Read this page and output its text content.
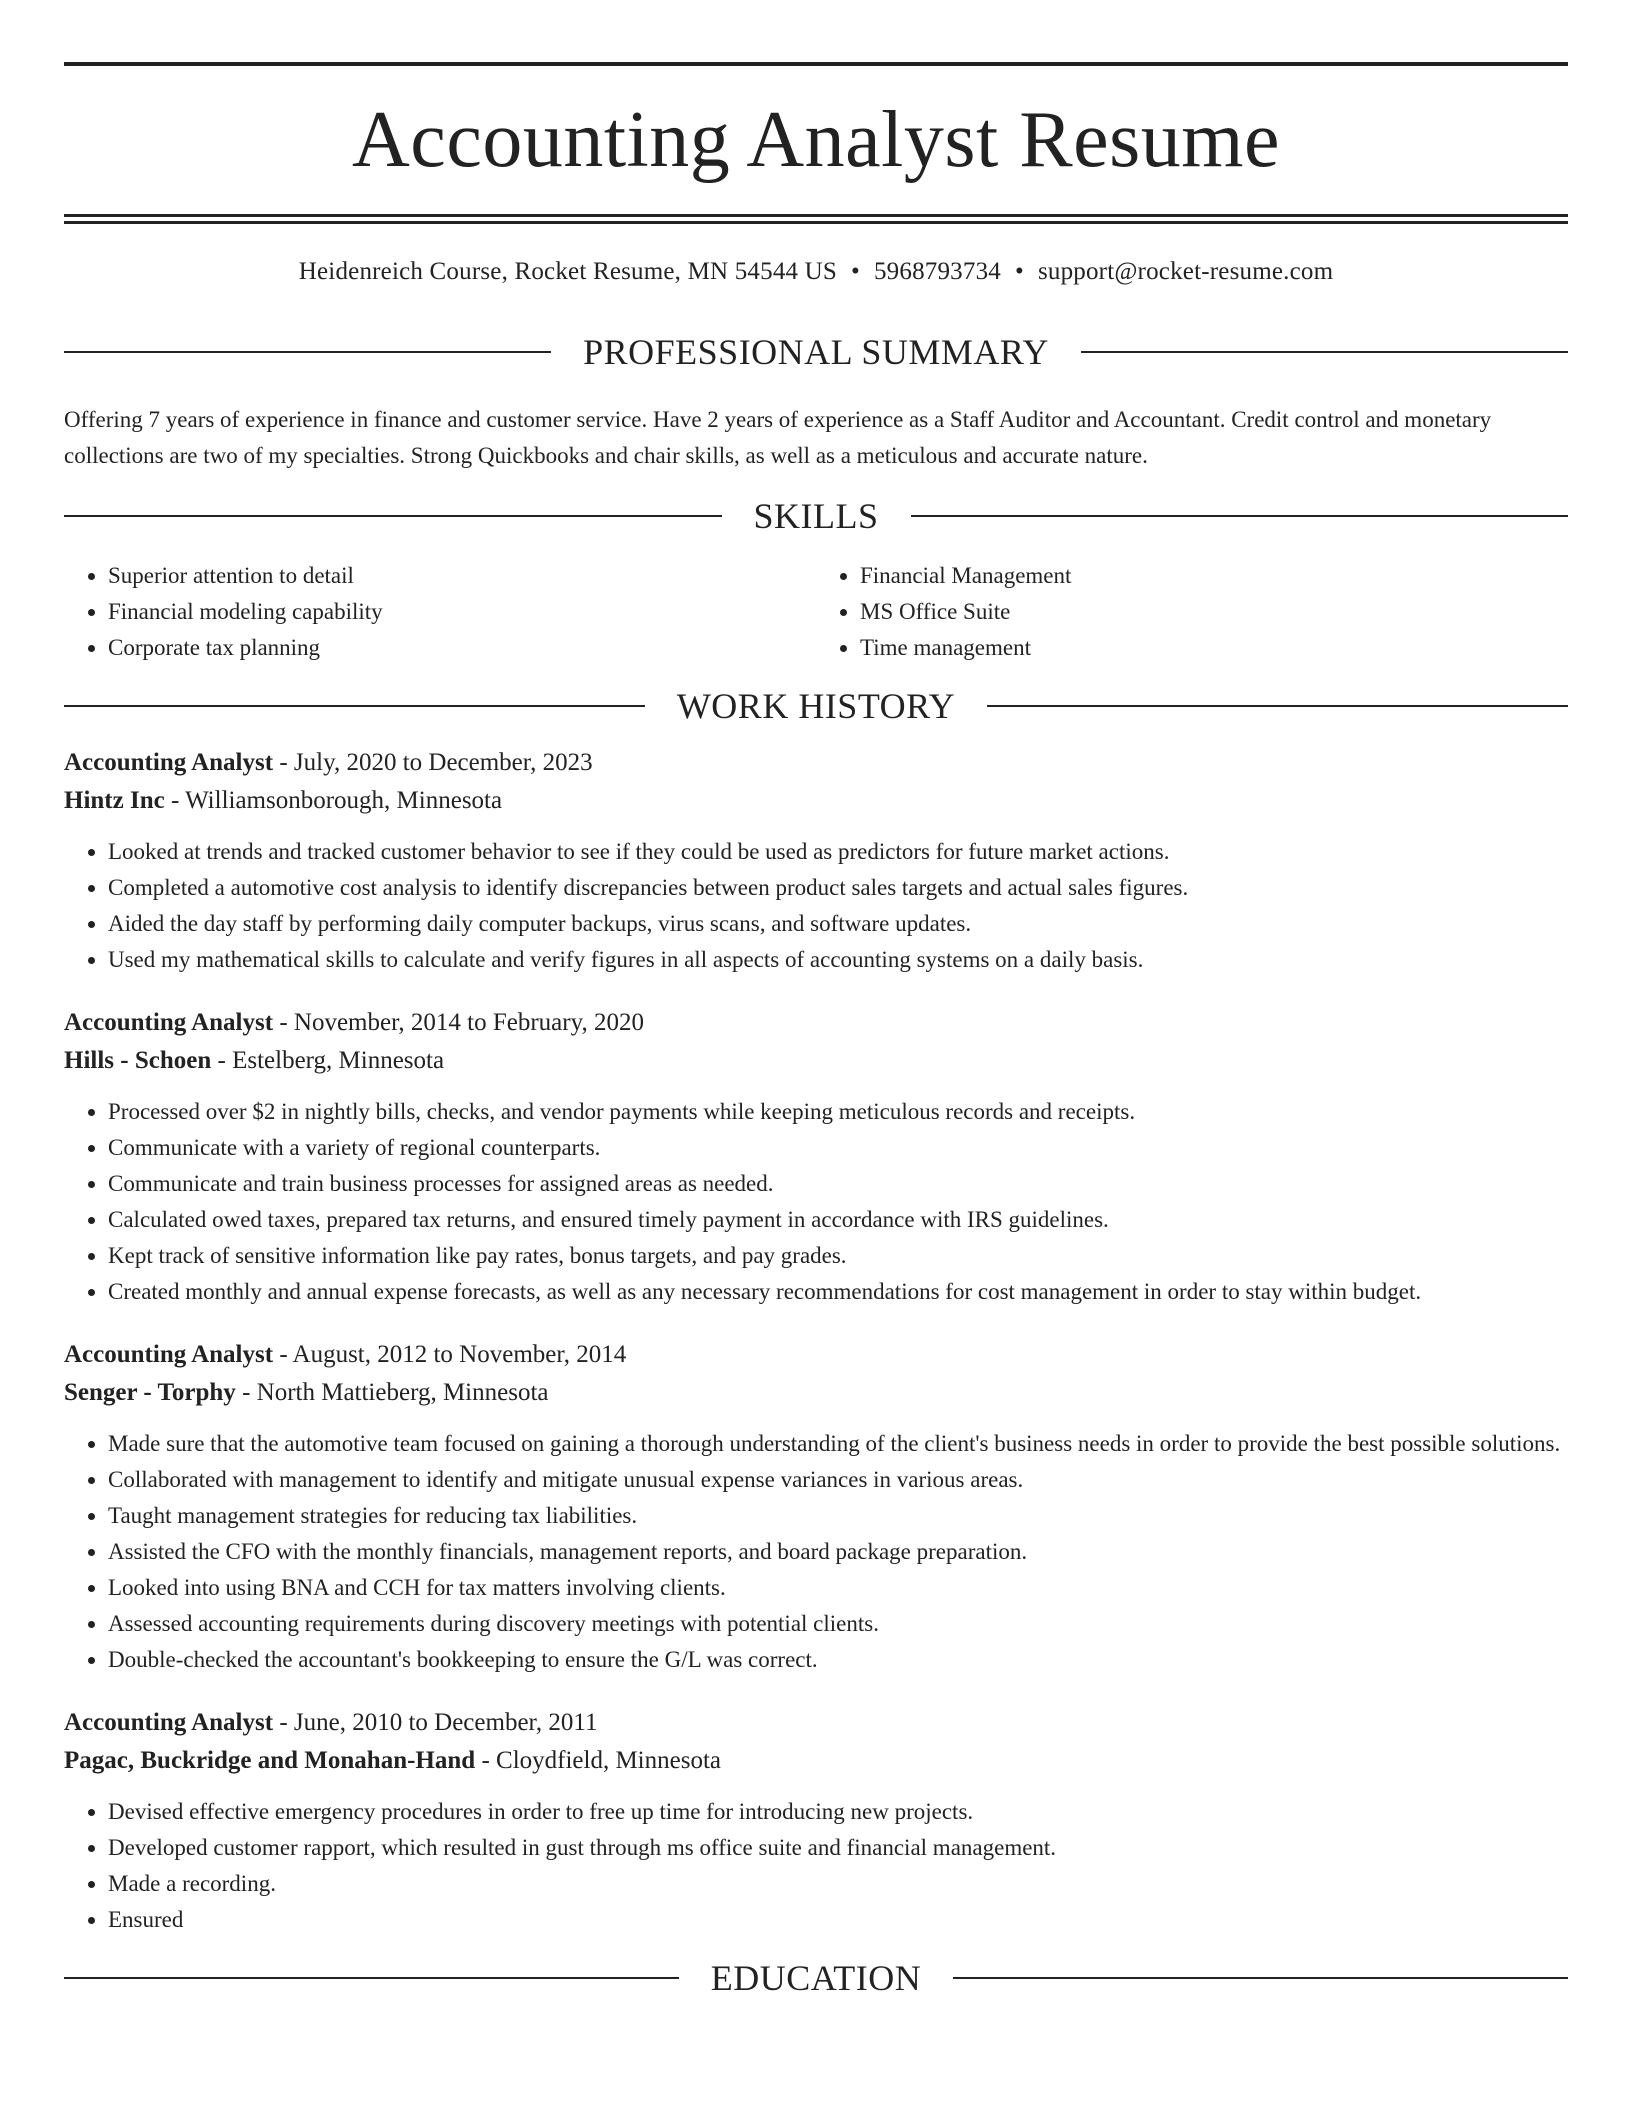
Accounting Analyst Resume
Heidenreich Course, Rocket Resume, MN 54544 US • 5968793734 • support@rocket-resume.com
PROFESSIONAL SUMMARY

Offering 7 years of experience in finance and customer service. Have 2 years of experience as a Staff Auditor and Accountant. Credit control and monetary collections are two of my specialties. Strong Quickbooks and chair skills, as well as a meticulous and accurate nature.

SKILLS
• Superior attention to detail
• Financial modeling capability
• Corporate tax planning
• Financial Management
• MS Office Suite
• Time management
WORK HISTORY
Accounting Analyst - July, 2020 to December, 2023
Hintz Inc - Williamsonborough, Minnesota
• Looked at trends and tracked customer behavior to see if they could be used as predictors for future market actions.
• Completed a automotive cost analysis to identify discrepancies between product sales targets and actual sales figures.
• Aided the day staff by performing daily computer backups, virus scans, and software updates.
• Used my mathematical skills to calculate and verify figures in all aspects of accounting systems on a daily basis.
Accounting Analyst - November, 2014 to February, 2020
Hills - Schoen - Estelberg, Minnesota
• Processed over $2 in nightly bills, checks, and vendor payments while keeping meticulous records and receipts.
• Communicate with a variety of regional counterparts.
• Communicate and train business processes for assigned areas as needed.
• Calculated owed taxes, prepared tax returns, and ensured timely payment in accordance with IRS guidelines.
• Kept track of sensitive information like pay rates, bonus targets, and pay grades.
• Created monthly and annual expense forecasts, as well as any necessary recommendations for cost management in order to stay within budget.
Accounting Analyst - August, 2012 to November, 2014
Senger - Torphy - North Mattieberg, Minnesota
• Made sure that the automotive team focused on gaining a thorough understanding of the client's business needs in order to provide the best possible solutions.
• Collaborated with management to identify and mitigate unusual expense variances in various areas.
• Taught management strategies for reducing tax liabilities.
• Assisted the CFO with the monthly financials, management reports, and board package preparation.
• Looked into using BNA and CCH for tax matters involving clients.
• Assessed accounting requirements during discovery meetings with potential clients.
• Double-checked the accountant's bookkeeping to ensure the G/L was correct.
Accounting Analyst - June, 2010 to December, 2011
Pagac, Buckridge and Monahan-Hand - Cloydfield, Minnesota
• Devised effective emergency procedures in order to free up time for introducing new projects.
• Developed customer rapport, which resulted in gust through ms office suite and financial management.
• Made a recording.
• Ensured
EDUCATION
